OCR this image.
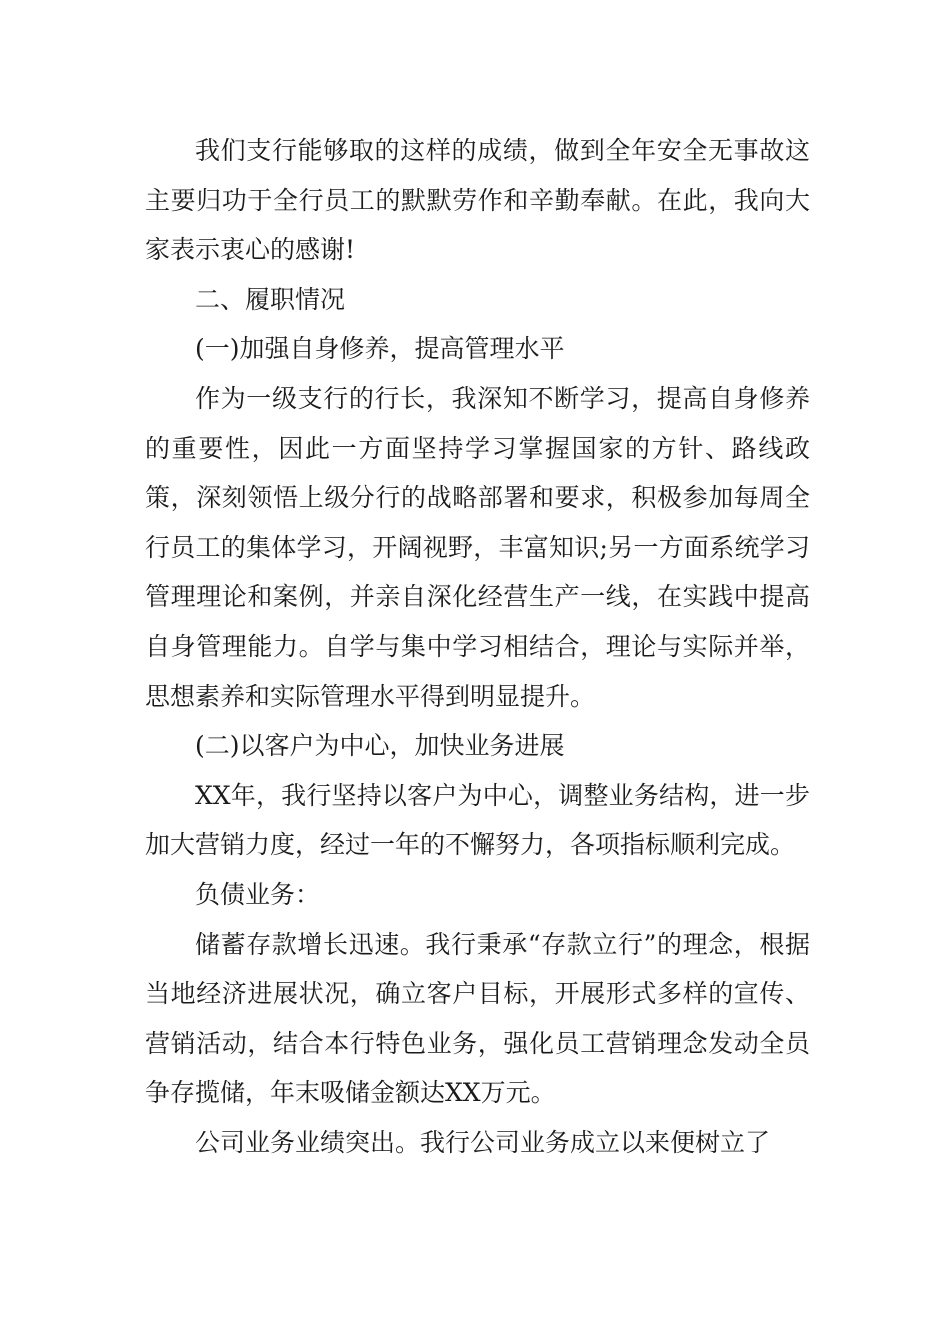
我们支行能够取的这样的成绩，做到全年安全无事故这主要归功于全行员工的默默劳作和辛勤奉献。在此，我向大家表示衷心的感谢!

二、履职情况

(一)加强自身修养，提高管理水平

作为一级支行的行长，我深知不断学习，提高自身修养的重要性，因此一方面坚持学习掌握国家的方针、路线政策，深刻领悟上级分行的战略部署和要求，积极参加每周全行员工的集体学习，开阔视野，丰富知识;另一方面系统学习管理理论和案例，并亲自深化经营生产一线，在实践中提高自身管理能力。自学与集中学习相结合，理论与实际并举，思想素养和实际管理水平得到明显提升。

(二)以客户为中心，加快业务进展

XX年，我行坚持以客户为中心，调整业务结构，进一步加大营销力度，经过一年的不懈努力，各项指标顺利完成。

负债业务：

储蓄存款增长迅速。我行秉承“存款立行”的理念，根据当地经济进展状况，确立客户目标，开展形式多样的宣传、营销活动，结合本行特色业务，强化员工营销理念发动全员争存揽储，年末吸储金额达XX万元。

公司业务业绩突出。我行公司业务成立以来便树立了
